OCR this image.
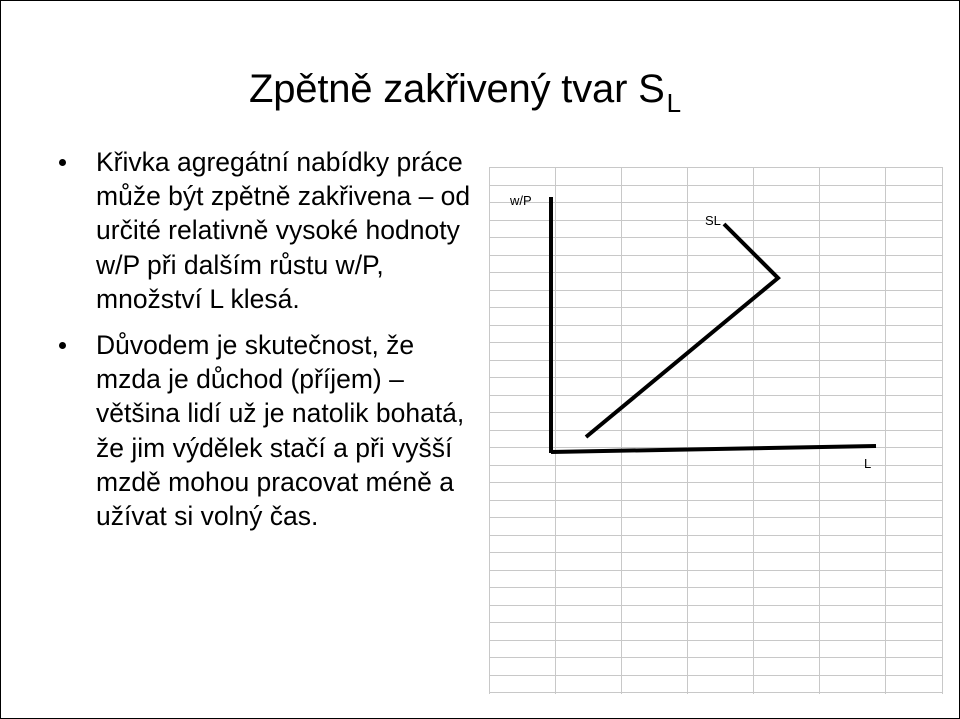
Zpětně zakřivený tvar $S_L$
Křivka agregátní nabídky práce může být zpětně zakřivena – od určité relativně vysoké hodnoty w/P při dalším růstu w/P, množství L klesá.
Důvodem je skutečnost, že mzda je důchod (příjem) – většina lidí už je natolik bohatá, že jim výdělek stačí a při vyšší mzdě mohou pracovat méně a užívat si volný čas.
w/P
L
SL
